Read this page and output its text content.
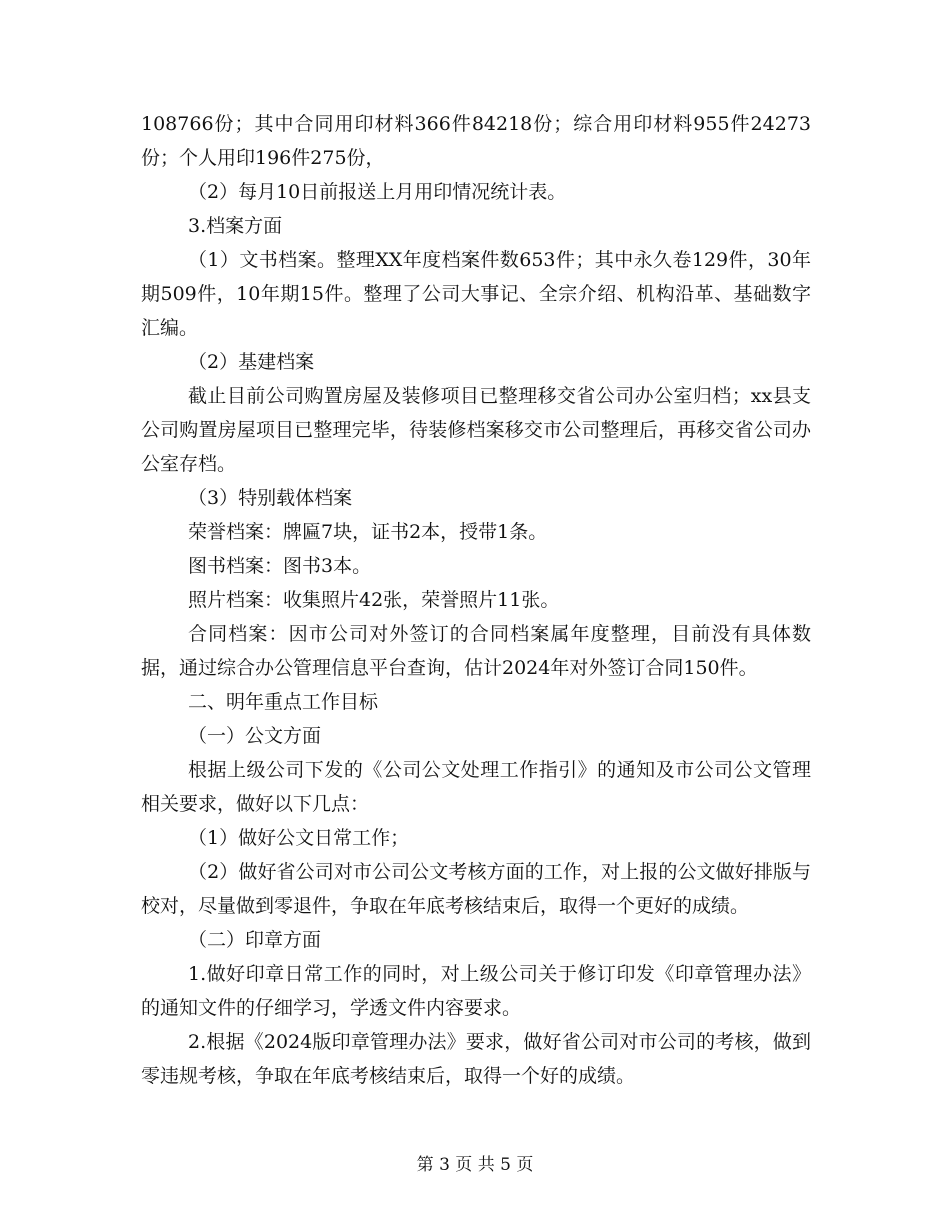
108766份；其中合同用印材料366件84218份；综合用印材料955件24273份；个人用印196件275份，

（2）每月10日前报送上月用印情况统计表。

3.档案方面

（1）文书档案。整理XX年度档案件数653件；其中永久卷129件，30年期509件，10年期15件。整理了公司大事记、全宗介绍、机构沿革、基础数字汇编。

（2）基建档案

截止目前公司购置房屋及装修项目已整理移交省公司办公室归档；xx县支公司购置房屋项目已整理完毕，待装修档案移交市公司整理后，再移交省公司办公室存档。

（3）特别载体档案

荣誉档案：牌匾7块，证书2本，授带1条。

图书档案：图书3本。

照片档案：收集照片42张，荣誉照片11张。

合同档案：因市公司对外签订的合同档案属年度整理，目前没有具体数据，通过综合办公管理信息平台查询，估计2024年对外签订合同150件。

二、明年重点工作目标

（一）公文方面

根据上级公司下发的《公司公文处理工作指引》的通知及市公司公文管理相关要求，做好以下几点：

（1）做好公文日常工作；

（2）做好省公司对市公司公文考核方面的工作，对上报的公文做好排版与校对，尽量做到零退件，争取在年底考核结束后，取得一个更好的成绩。

（二）印章方面

1.做好印章日常工作的同时，对上级公司关于修订印发《印章管理办法》的通知文件的仔细学习，学透文件内容要求。

2.根据《2024版印章管理办法》要求，做好省公司对市公司的考核，做到零违规考核，争取在年底考核结束后，取得一个好的成绩。

第 3 页 共 5 页
